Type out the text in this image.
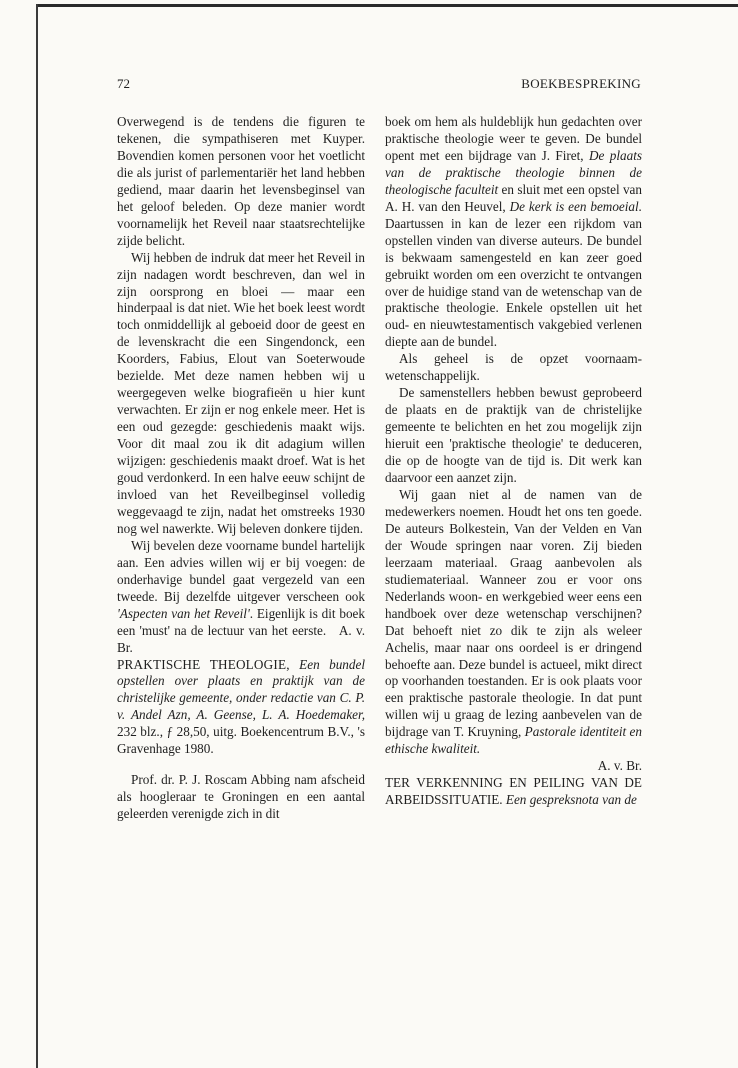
72	BOEKBESPREKING

Overwegend is de tendens die figuren te tekenen, die sympathiseren met Kuyper. Bovendien komen personen voor het voetlicht die als jurist of parlementariër het land hebben gediend, maar daarin het levensbeginsel van het geloof beleden. Op deze manier wordt voornamelijk het Reveil naar staatsrechtelijke zijde belicht.

Wij hebben de indruk dat meer het Reveil in zijn nadagen wordt beschreven, dan wel in zijn oorsprong en bloei — maar een hinderpaal is dat niet. Wie het boek leest wordt toch onmiddellijk al geboeid door de geest en de levenskracht die een Singendonck, een Koorders, Fabius, Elout van Soeterwoude bezielde. Met deze namen hebben wij u weergegeven welke biografieën u hier kunt verwachten. Er zijn er nog enkele meer. Het is een oud gezegde: geschiedenis maakt wijs. Voor dit maal zou ik dit adagium willen wijzigen: geschiedenis maakt droef. Wat is het goud verdonkerd. In een halve eeuw schijnt de invloed van het Reveilbeginsel volledig weggevaagd te zijn, nadat het omstreeks 1930 nog wel nawerkte. Wij beleven donkere tijden.

Wij bevelen deze voorname bundel hartelijk aan. Een advies willen wij er bij voegen: de onderhavige bundel gaat vergezeld van een tweede. Bij dezelfde uitgever verscheen ook 'Aspecten van het Reveil'. Eigenlijk is dit boek een 'must' na de lectuur van het eerste. A. v. Br.

PRAKTISCHE THEOLOGIE, Een bundel opstellen over plaats en praktijk van de christelijke gemeente, onder redactie van C. P. v. Andel Azn, A. Geense, L. A. Hoedemaker, 232 blz., ƒ 28,50, uitg. Boekencentrum B.V., 's Gravenhage 1980.

Prof. dr. P. J. Roscam Abbing nam afscheid als hoogleraar te Groningen en een aantal geleerden verenigde zich in dit

boek om hem als huldeblijk hun gedachten over praktische theologie weer te geven. De bundel opent met een bijdrage van J. Firet, De plaats van de praktische theologie binnen de theologische faculteit en sluit met een opstel van A. H. van den Heuvel, De kerk is een bemoeial. Daartussen in kan de lezer een rijkdom van opstellen vinden van diverse auteurs. De bundel is bekwaam samengesteld en kan zeer goed gebruikt worden om een overzicht te ontvangen over de huidige stand van de wetenschap van de praktische theologie. Enkele opstellen uit het oud- en nieuwtestamentisch vakgebied verlenen diepte aan de bundel.

Als geheel is de opzet voornaam-wetenschappelijk.

De samenstellers hebben bewust geprobeerd de plaats en de praktijk van de christelijke gemeente te belichten en het zou mogelijk zijn hieruit een 'praktische theologie' te deduceren, die op de hoogte van de tijd is. Dit werk kan daarvoor een aanzet zijn.

Wij gaan niet al de namen van de medewerkers noemen. Houdt het ons ten goede. De auteurs Bolkestein, Van der Velden en Van der Woude springen naar voren. Zij bieden leerzaam materiaal. Graag aanbevolen als studiemateriaal. Wanneer zou er voor ons Nederlands woon- en werkgebied weer eens een handboek over deze wetenschap verschijnen? Dat behoeft niet zo dik te zijn als weleer Achelis, maar naar ons oordeel is er dringend behoefte aan. Deze bundel is actueel, mikt direct op voorhanden toestanden. Er is ook plaats voor een praktische pastorale theologie. In dat punt willen wij u graag de lezing aanbevelen van de bijdrage van T. Kruyning, Pastorale identiteit en ethische kwaliteit.

A. v. Br.

TER VERKENNING EN PEILING VAN DE ARBEIDSSITUATIE. Een gespreksnota van de
